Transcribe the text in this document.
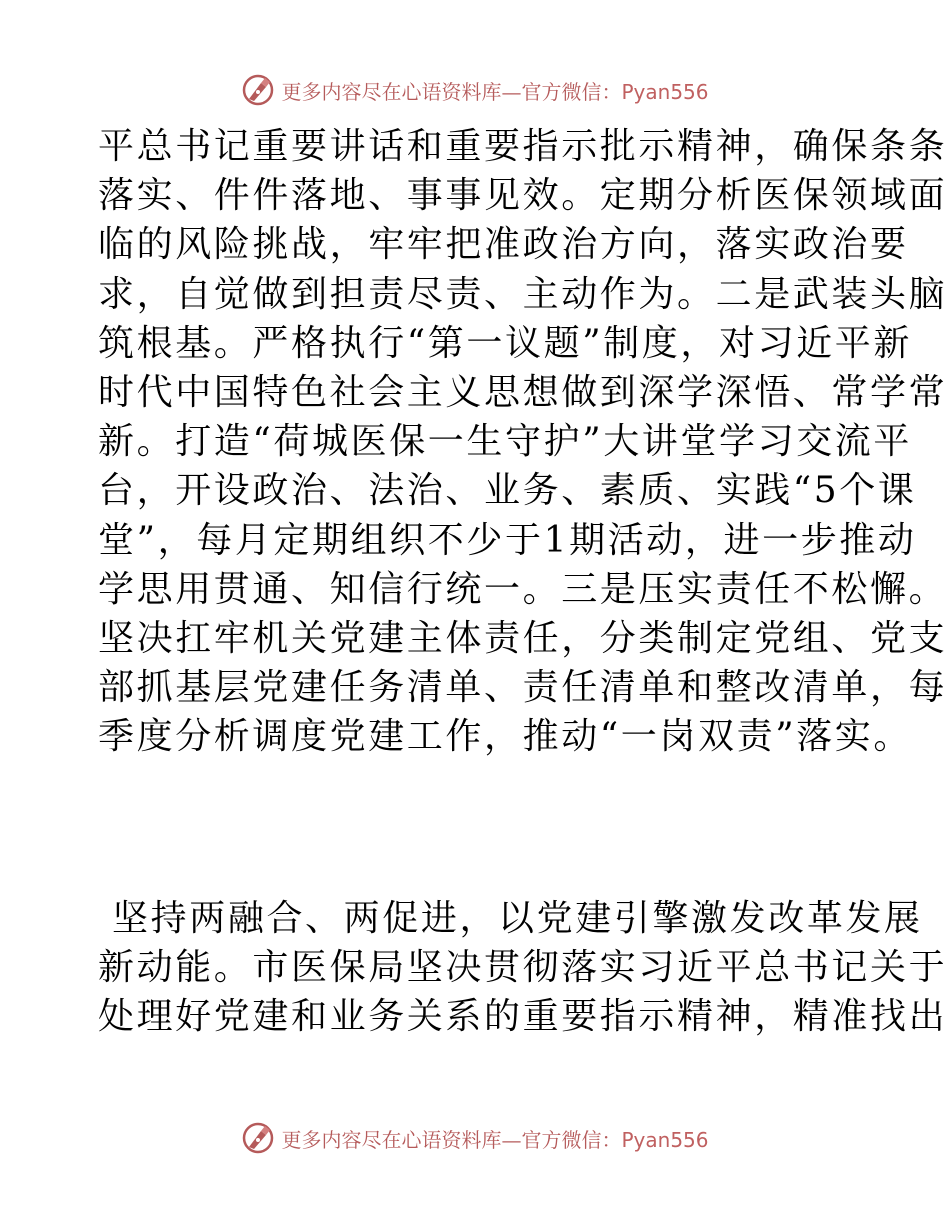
更多内容尽在心语资料库—官方微信：Pyan556
平总书记重要讲话和重要指示批示精神，确保条条
落实、件件落地、事事见效。定期分析医保领域面
临的风险挑战，牢牢把准政治方向，落实政治要
求，自觉做到担责尽责、主动作为。二是武装头脑
筑根基。严格执行“第一议题”制度，对习近平新
时代中国特色社会主义思想做到深学深悟、常学常
新。打造“荷城医保一生守护”大讲堂学习交流平
台，开设政治、法治、业务、素质、实践“5个课
堂”，每月定期组织不少于1期活动，进一步推动
学思用贯通、知信行统一。三是压实责任不松懈。
坚决扛牢机关党建主体责任，分类制定党组、党支
部抓基层党建任务清单、责任清单和整改清单，每
季度分析调度党建工作，推动“一岗双责”落实。
坚持两融合、两促进，以党建引擎激发改革发展
新动能。市医保局坚决贯彻落实习近平总书记关于
处理好党建和业务关系的重要指示精神，精准找出
更多内容尽在心语资料库—官方微信：Pyan556
